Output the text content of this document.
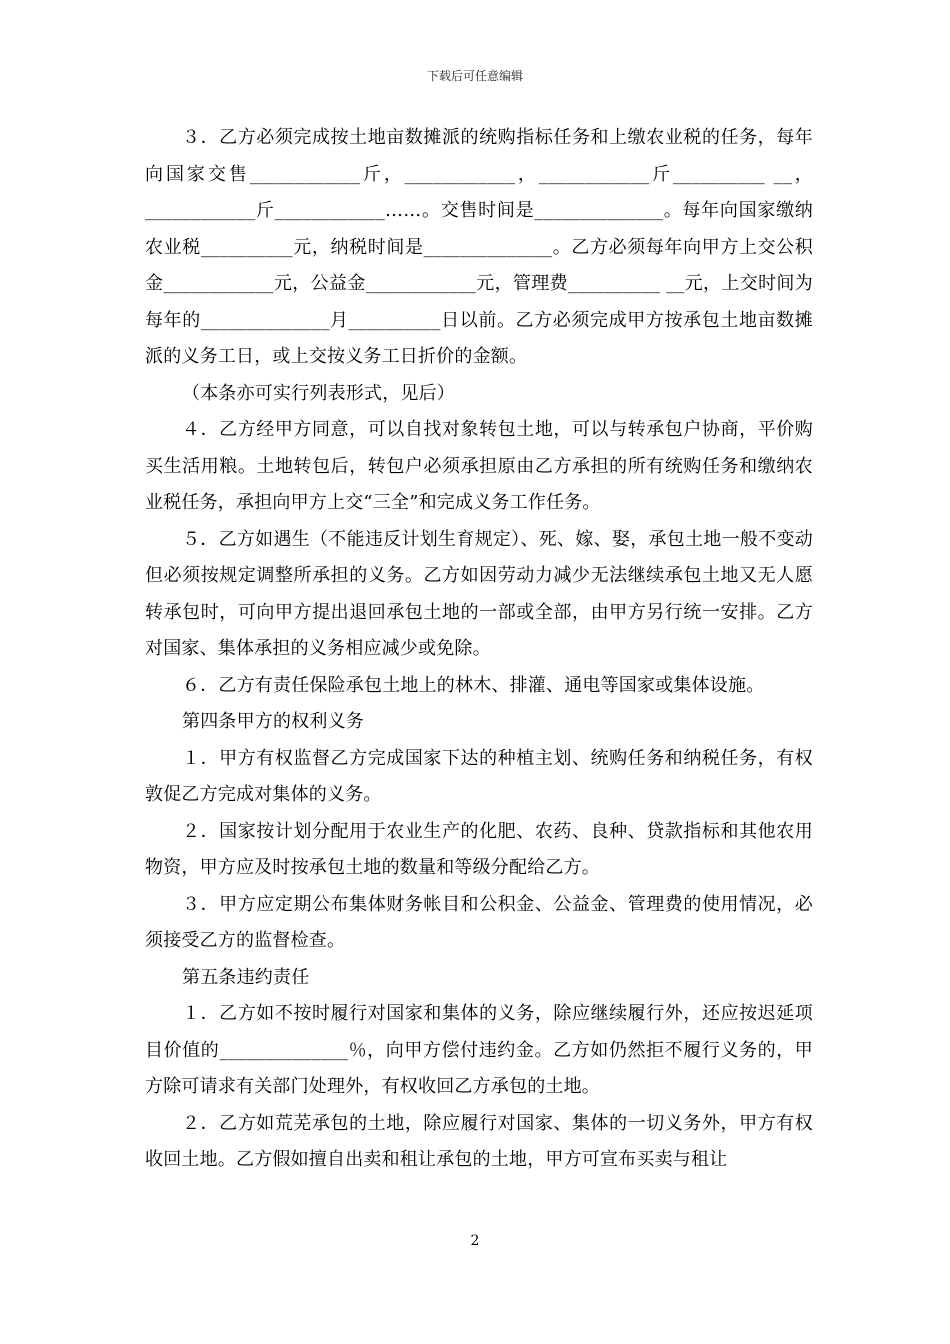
下载后可任意编辑

３．乙方必须完成按土地亩数摊派的统购指标任务和上缴农业税的任务，每年向国家交售____________斤，____________，____________斤__________ __，____________斤____________……。交售时间是______________。每年向国家缴纳农业税__________元，纳税时间是______________。乙方必须每年向甲方上交公积金____________元，公益金____________元，管理费__________ __元，上交时间为每年的______________月__________日以前。乙方必须完成甲方按承包土地亩数摊派的义务工日，或上交按义务工日折价的金额。

（本条亦可实行列表形式，见后）

４．乙方经甲方同意，可以自找对象转包土地，可以与转承包户协商，平价购买生活用粮。土地转包后，转包户必须承担原由乙方承担的所有统购任务和缴纳农业税任务，承担向甲方上交“三全”和完成义务工作任务。

５．乙方如遇生（不能违反计划生育规定）、死、嫁、娶，承包土地一般不变动但必须按规定调整所承担的义务。乙方如因劳动力减少无法继续承包土地又无人愿转承包时，可向甲方提出退回承包土地的一部或全部，由甲方另行统一安排。乙方对国家、集体承担的义务相应减少或免除。

６．乙方有责任保险承包土地上的林木、排灌、通电等国家或集体设施。

第四条甲方的权利义务

１．甲方有权监督乙方完成国家下达的种植主划、统购任务和纳税任务，有权敦促乙方完成对集体的义务。

２．国家按计划分配用于农业生产的化肥、农药、良种、贷款指标和其他农用物资，甲方应及时按承包土地的数量和等级分配给乙方。

３．甲方应定期公布集体财务帐目和公积金、公益金、管理费的使用情况，必须接受乙方的监督检查。

第五条违约责任

１．乙方如不按时履行对国家和集体的义务，除应继续履行外，还应按迟延项目价值的______________％，向甲方偿付违约金。乙方如仍然拒不履行义务的，甲方除可请求有关部门处理外，有权收回乙方承包的土地。

２．乙方如荒芜承包的土地，除应履行对国家、集体的一切义务外，甲方有权收回土地。乙方假如擅自出卖和租让承包的土地，甲方可宣布买卖与租让

2
